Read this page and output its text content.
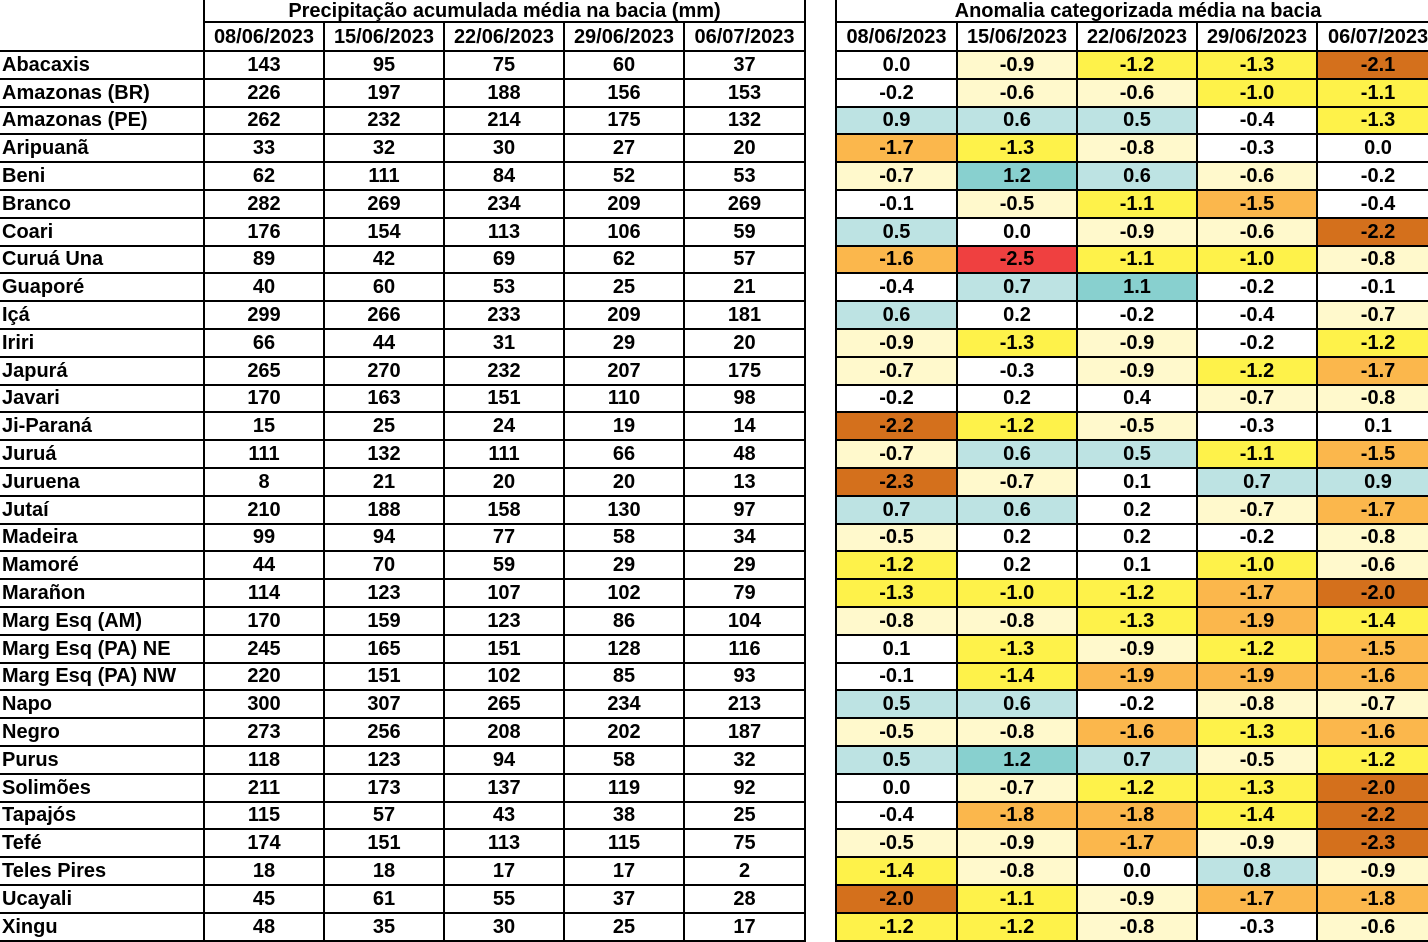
	Precipitação acumulada média na bacia (mm)				
	08/06/2023	15/06/2023	22/06/2023	29/06/2023	06/07/2023
Abacaxis	143	95	75	60	37
Amazonas (BR)	226	197	188	156	153
Amazonas (PE)	262	232	214	175	132
Aripuanã	33	32	30	27	20
Beni	62	111	84	52	53
Branco	282	269	234	209	269
Coari	176	154	113	106	59
Curuá Una	89	42	69	62	57
Guaporé	40	60	53	25	21
Içá	299	266	233	209	181
Iriri	66	44	31	29	20
Japurá	265	270	232	207	175
Javari	170	163	151	110	98
Ji-Paraná	15	25	24	19	14
Juruá	111	132	111	66	48
Juruena	8	21	20	20	13
Jutaí	210	188	158	130	97
Madeira	99	94	77	58	34
Mamoré	44	70	59	29	29
Marañon	114	123	107	102	79
Marg Esq (AM)	170	159	123	86	104
Marg Esq (PA) NE	245	165	151	128	116
Marg Esq (PA) NW	220	151	102	85	93
Napo	300	307	265	234	213
Negro	273	256	208	202	187
Purus	118	123	94	58	32
Solimões	211	173	137	119	92
Tapajós	115	57	43	38	25
Tefé	174	151	113	115	75
Teles Pires	18	18	17	17	2
Ucayali	45	61	55	37	28
Xingu	48	35	30	25	17
Anomalia categorizada média na bacia				
08/06/2023	15/06/2023	22/06/2023	29/06/2023	06/07/2023
0.0	-0.9	-1.2	-1.3	-2.1
-0.2	-0.6	-0.6	-1.0	-1.1
0.9	0.6	0.5	-0.4	-1.3
-1.7	-1.3	-0.8	-0.3	0.0
-0.7	1.2	0.6	-0.6	-0.2
-0.1	-0.5	-1.1	-1.5	-0.4
0.5	0.0	-0.9	-0.6	-2.2
-1.6	-2.5	-1.1	-1.0	-0.8
-0.4	0.7	1.1	-0.2	-0.1
0.6	0.2	-0.2	-0.4	-0.7
-0.9	-1.3	-0.9	-0.2	-1.2
-0.7	-0.3	-0.9	-1.2	-1.7
-0.2	0.2	0.4	-0.7	-0.8
-2.2	-1.2	-0.5	-0.3	0.1
-0.7	0.6	0.5	-1.1	-1.5
-2.3	-0.7	0.1	0.7	0.9
0.7	0.6	0.2	-0.7	-1.7
-0.5	0.2	0.2	-0.2	-0.8
-1.2	0.2	0.1	-1.0	-0.6
-1.3	-1.0	-1.2	-1.7	-2.0
-0.8	-0.8	-1.3	-1.9	-1.4
0.1	-1.3	-0.9	-1.2	-1.5
-0.1	-1.4	-1.9	-1.9	-1.6
0.5	0.6	-0.2	-0.8	-0.7
-0.5	-0.8	-1.6	-1.3	-1.6
0.5	1.2	0.7	-0.5	-1.2
0.0	-0.7	-1.2	-1.3	-2.0
-0.4	-1.8	-1.8	-1.4	-2.2
-0.5	-0.9	-1.7	-0.9	-2.3
-1.4	-0.8	0.0	0.8	-0.9
-2.0	-1.1	-0.9	-1.7	-1.8
-1.2	-1.2	-0.8	-0.3	-0.6
